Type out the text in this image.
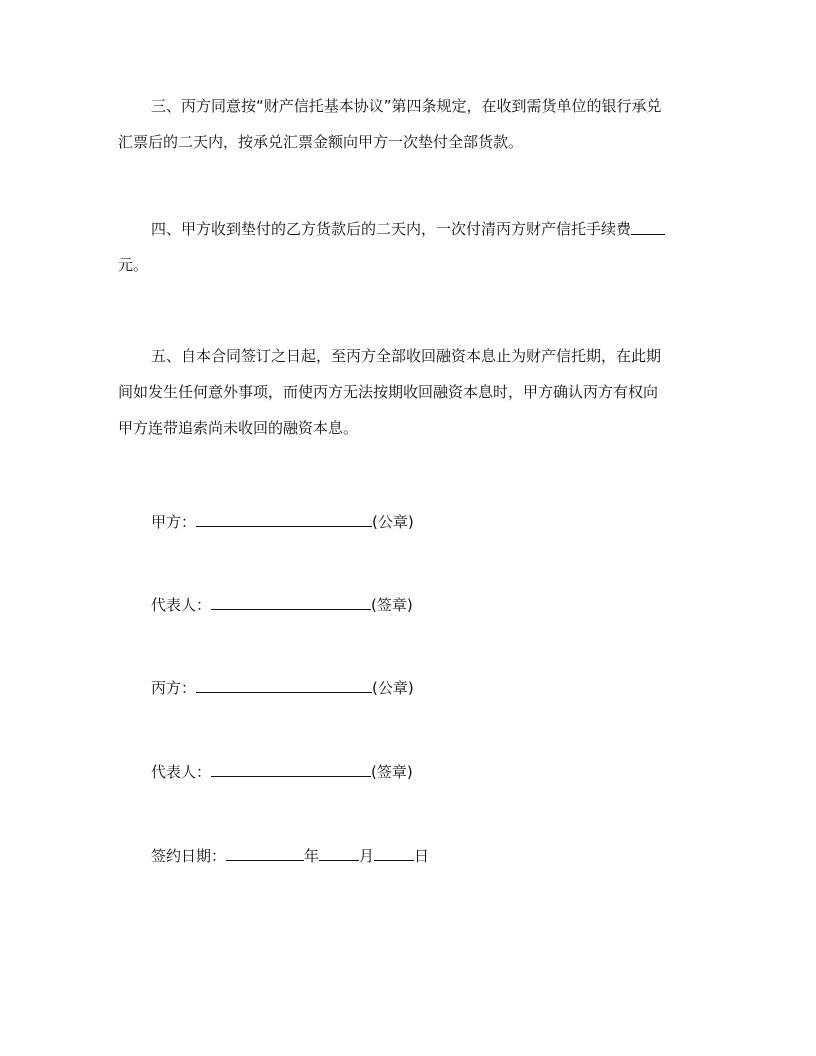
三、丙方同意按“财产信托基本协议”第四条规定，在收到需货单位的银行承兑
汇票后的二天内，按承兑汇票金额向甲方一次垫付全部货款。
四、甲方收到垫付的乙方货款后的二天内，一次付清丙方财产信托手续费
元。
五、自本合同签订之日起，至丙方全部收回融资本息止为财产信托期，在此期
间如发生任何意外事项，而使丙方无法按期收回融资本息时，甲方确认丙方有权向
甲方连带追索尚未收回的融资本息。
甲方：	(公章)
代表人：	(签章)
丙方：	(公章)
代表人：	(签章)
签约日期：	年	月	日
